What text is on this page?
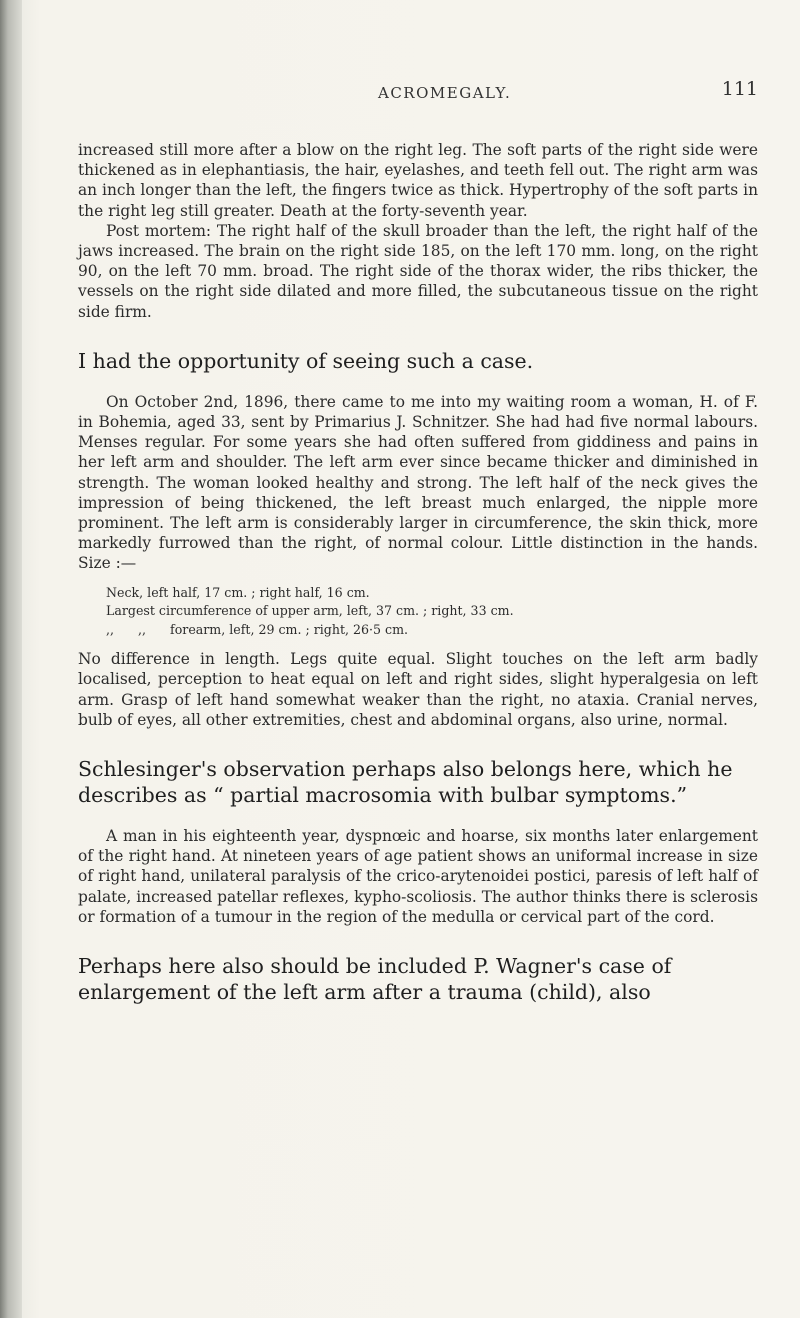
ACROMEGALY.	111

increased still more after a blow on the right leg. The soft parts of the right side were thickened as in elephantiasis, the hair, eyelashes, and teeth fell out. The right arm was an inch longer than the left, the fingers twice as thick. Hypertrophy of the soft parts in the right leg still greater. Death at the forty-seventh year.

Post mortem: The right half of the skull broader than the left, the right half of the jaws increased. The brain on the right side 185, on the left 170 mm. long, on the right 90, on the left 70 mm. broad. The right side of the thorax wider, the ribs thicker, the vessels on the right side dilated and more filled, the subcutaneous tissue on the right side firm.

I had the opportunity of seeing such a case.

On October 2nd, 1896, there came to me into my waiting room a woman, H. of F. in Bohemia, aged 33, sent by Primarius J. Schnitzer. She had had five normal labours. Menses regular. For some years she had often suffered from giddiness and pains in her left arm and shoulder. The left arm ever since became thicker and diminished in strength. The woman looked healthy and strong. The left half of the neck gives the impression of being thickened, the left breast much enlarged, the nipple more prominent. The left arm is considerably larger in circumference, the skin thick, more markedly furrowed than the right, of normal colour. Little distinction in the hands. Size :—

Neck, left half, 17 cm. ; right half, 16 cm.
Largest circumference of upper arm, left, 37 cm. ; right, 33 cm.
,,      ,,      forearm, left, 29 cm. ; right, 26·5 cm.

No difference in length. Legs quite equal. Slight touches on the left arm badly localised, perception to heat equal on left and right sides, slight hyperalgesia on left arm. Grasp of left hand somewhat weaker than the right, no ataxia. Cranial nerves, bulb of eyes, all other extremities, chest and abdominal organs, also urine, normal.

Schlesinger's observation perhaps also belongs here, which he describes as “ partial macrosomia with bulbar symptoms.”

A man in his eighteenth year, dyspnœic and hoarse, six months later enlargement of the right hand. At nineteen years of age patient shows an uniformal increase in size of right hand, unilateral paralysis of the crico-arytenoidei postici, paresis of left half of palate, increased patellar reflexes, kypho-scoliosis. The author thinks there is sclerosis or formation of a tumour in the region of the medulla or cervical part of the cord.

Perhaps here also should be included P. Wagner's case of enlargement of the left arm after a trauma (child), also
